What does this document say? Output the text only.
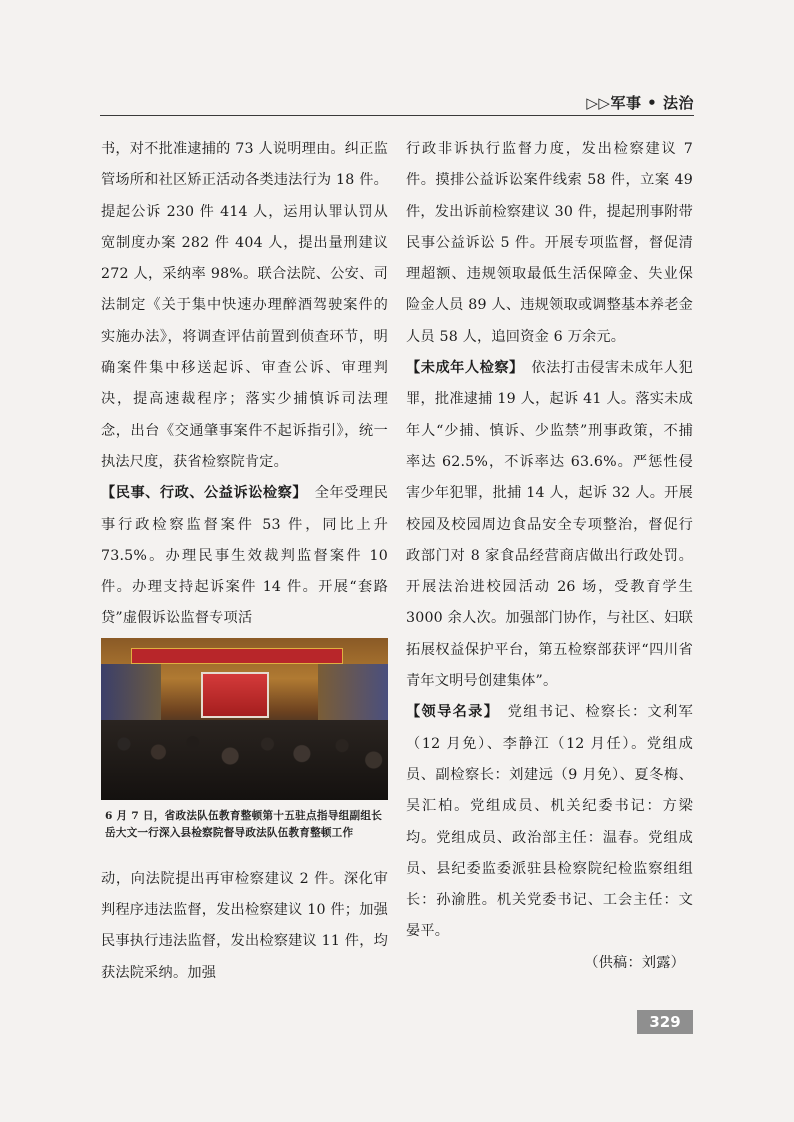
▷▷军事 • 法治

书，对不批准逮捕的 73 人说明理由。纠正监管场所和社区矫正活动各类违法行为 18 件。提起公诉 230 件 414 人，运用认罪认罚从宽制度办案 282 件 404 人，提出量刑建议 272 人，采纳率 98%。联合法院、公安、司法制定《关于集中快速办理醉酒驾驶案件的实施办法》，将调查评估前置到侦查环节，明确案件集中移送起诉、审查公诉、审理判决，提高速裁程序；落实少捕慎诉司法理念，出台《交通肇事案件不起诉指引》，统一执法尺度，获省检察院肯定。

【民事、行政、公益诉讼检察】　 全年受理民事行政检察监督案件 53 件，同比上升 73.5%。办理民事生效裁判监督案件 10 件。办理支持起诉案件 14 件。开展“套路贷”虚假诉讼监督专项活

6 月 7 日，省政法队伍教育整顿第十五驻点指导组副组长岳大文一行深入县检察院督导政法队伍教育整顿工作

动，向法院提出再审检察建议 2 件。深化审判程序违法监督，发出检察建议 10 件；加强民事执行违法监督，发出检察建议 11 件，均获法院采纳。加强

行政非诉执行监督力度，发出检察建议 7 件。摸排公益诉讼案件线索 58 件，立案 49 件，发出诉前检察建议 30 件，提起刑事附带民事公益诉讼 5 件。开展专项监督，督促清理超额、违规领取最低生活保障金、失业保险金人员 89 人、违规领取或调整基本养老金人员 58 人，追回资金 6 万余元。

【未成年人检察】　 依法打击侵害未成年人犯罪，批准逮捕 19 人，起诉 41 人。落实未成年人“少捕、慎诉、少监禁”刑事政策，不捕率达 62.5%，不诉率达 63.6%。严惩性侵害少年犯罪，批捕 14 人，起诉 32 人。开展校园及校园周边食品安全专项整治，督促行政部门对 8 家食品经营商店做出行政处罚。开展法治进校园活动 26 场，受教育学生 3000 余人次。加强部门协作，与社区、妇联拓展权益保护平台，第五检察部获评“四川省青年文明号创建集体”。

【领导名录】　 党组书记、检察长：文利军（12 月免）、李静江（12 月任）。党组成员、副检察长：刘建远（9 月免）、夏冬梅、吴汇柏。党组成员、机关纪委书记：方梁均。党组成员、政治部主任：温春。党组成员、县纪委监委派驻县检察院纪检监察组组长：孙渝胜。机关党委书记、工会主任：文晏平。

（供稿：刘露）

329
